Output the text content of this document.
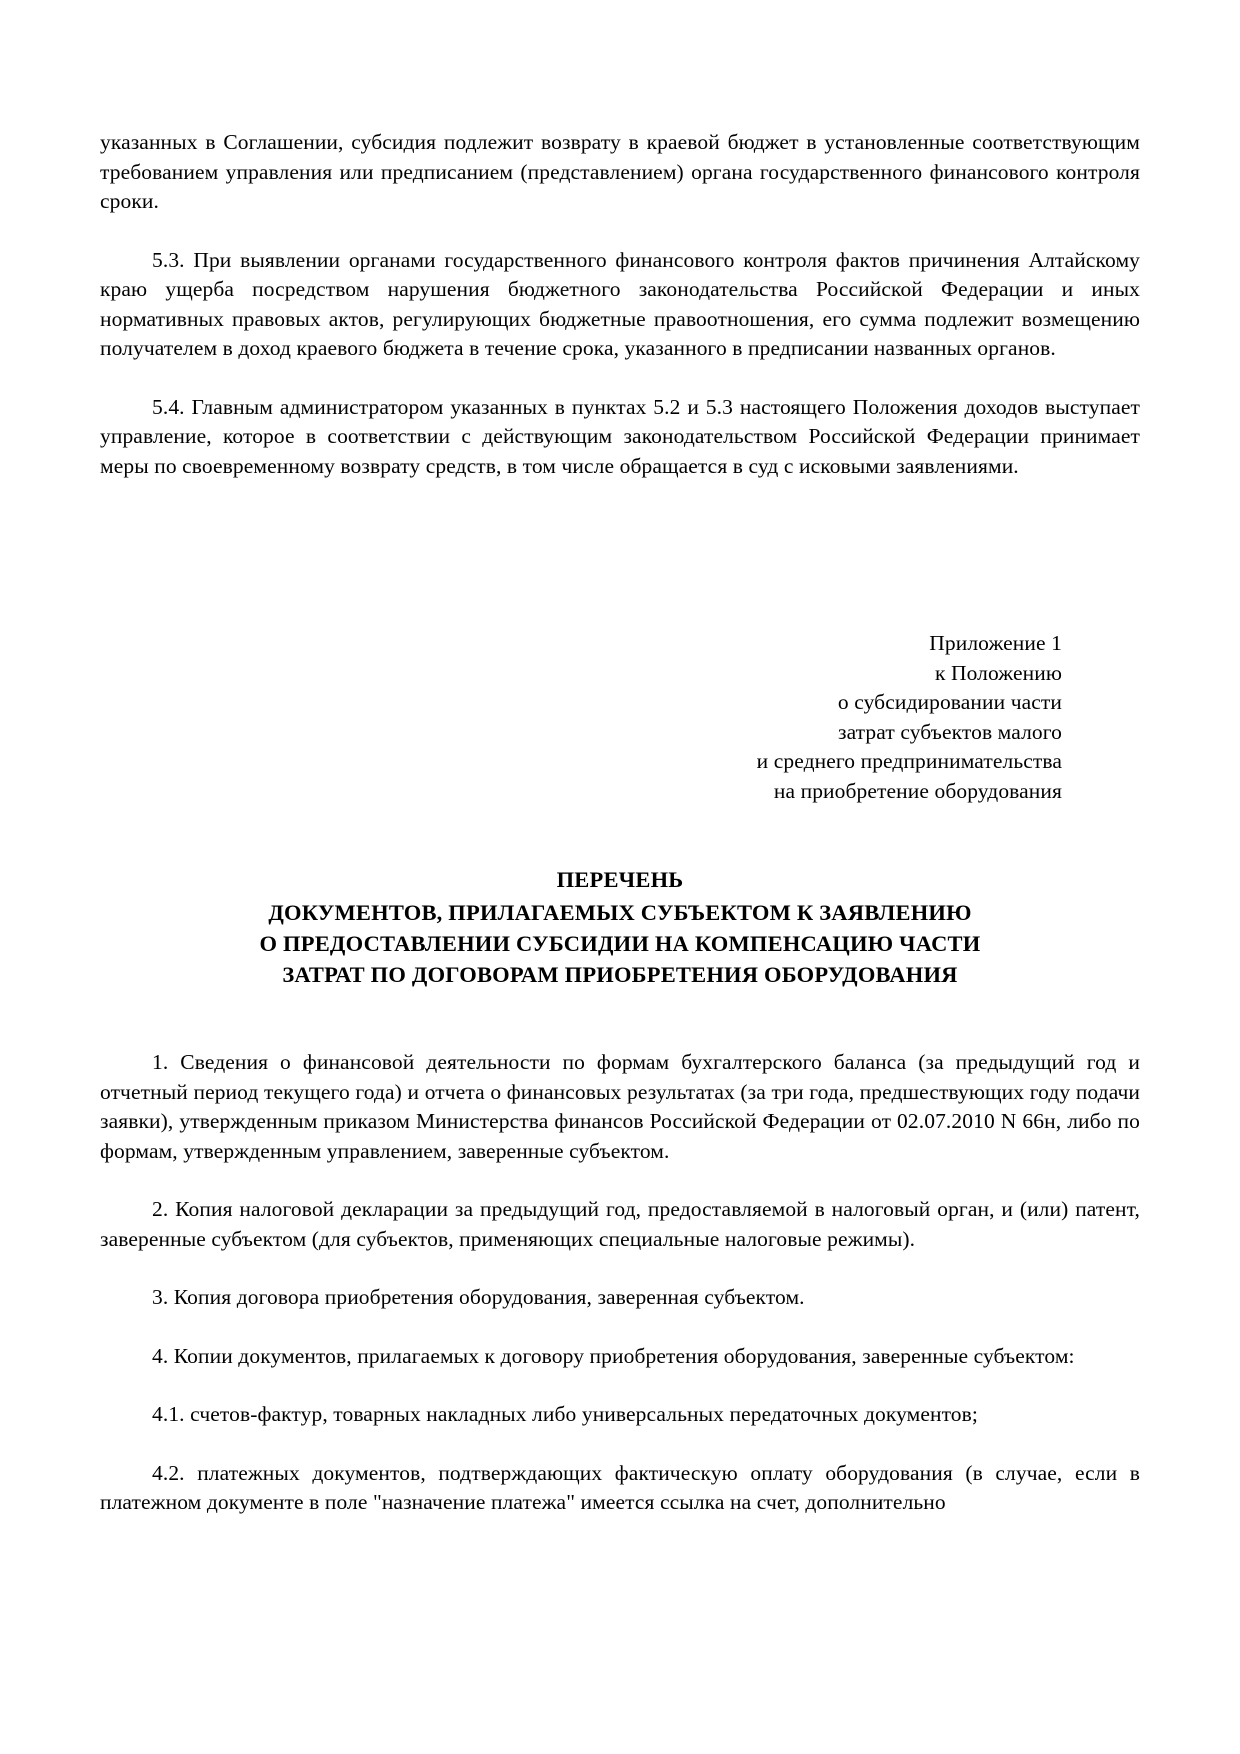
указанных в Соглашении, субсидия подлежит возврату в краевой бюджет в установленные соответствующим требованием управления или предписанием (представлением) органа государственного финансового контроля сроки.

5.3. При выявлении органами государственного финансового контроля фактов причинения Алтайскому краю ущерба посредством нарушения бюджетного законодательства Российской Федерации и иных нормативных правовых актов, регулирующих бюджетные правоотношения, его сумма подлежит возмещению получателем в доход краевого бюджета в течение срока, указанного в предписании названных органов.

5.4. Главным администратором указанных в пунктах 5.2 и 5.3 настоящего Положения доходов выступает управление, которое в соответствии с действующим законодательством Российской Федерации принимает меры по своевременному возврату средств, в том числе обращается в суд с исковыми заявлениями.

Приложение 1
к Положению
о субсидировании части
затрат субъектов малого
и среднего предпринимательства
на приобретение оборудования
ПЕРЕЧЕНЬ
ДОКУМЕНТОВ, ПРИЛАГАЕМЫХ СУБЪЕКТОМ К ЗАЯВЛЕНИЮ
О ПРЕДОСТАВЛЕНИИ СУБСИДИИ НА КОМПЕНСАЦИЮ ЧАСТИ
ЗАТРАТ ПО ДОГОВОРАМ ПРИОБРЕТЕНИЯ ОБОРУДОВАНИЯ

1. Сведения о финансовой деятельности по формам бухгалтерского баланса (за предыдущий год и отчетный период текущего года) и отчета о финансовых результатах (за три года, предшествующих году подачи заявки), утвержденным приказом Министерства финансов Российской Федерации от 02.07.2010 N 66н, либо по формам, утвержденным управлением, заверенные субъектом.

2. Копия налоговой декларации за предыдущий год, предоставляемой в налоговый орган, и (или) патент, заверенные субъектом (для субъектов, применяющих специальные налоговые режимы).

3. Копия договора приобретения оборудования, заверенная субъектом.

4. Копии документов, прилагаемых к договору приобретения оборудования, заверенные субъектом:

4.1. счетов-фактур, товарных накладных либо универсальных передаточных документов;

4.2. платежных документов, подтверждающих фактическую оплату оборудования (в случае, если в платежном документе в поле "назначение платежа" имеется ссылка на счет, дополнительно
